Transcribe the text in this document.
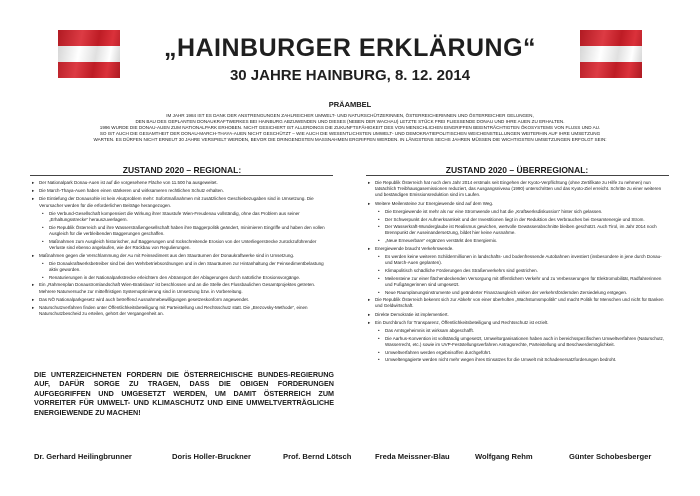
„HAINBURGER ERKLÄRUNG“
30 JAHRE HAINBURG, 8. 12. 2014
PRÄAMBEL

IM JAHR 1984 IST ES DANK DER ANSTRENGUNGEN ZAHLREICHER UMWELT- UND NATURSCHÜTZERINNEN, ÖSTERREICHERINNEN UND ÖSTERREICHER GELUNGEN,

DEN BAU DES GEPLANTEN DONAUKRAFTWERKES BEI HAINBURG ABZUWENDEN UND DIESES (NEBEN DER WACHAU) LETZTE STÜCK FREI FLIESSENDE DONAU UND IHRE AUEN ZU ERHALTEN.

1996 WURDE DIE DONAU-AUEN ZUM NATIONALPARK ERHOBEN. NICHT GESICHERT IST ALLERDINGS DIE ZUKUNFTSFÄHIGKEIT DES VON MENSCHLICHEN EINGRIFFEN BEEINTRÄCHTIGTEN ÖKOSYSTEMS VON FLUSS UND AU.

SO IST AUCH DIE GESAMTHEIT DER DONAU-MARCH-THAYA-AUEN NICHT GESCHÜTZT – WIE AUCH DIE WESENTLICHSTEN UMWELT- UND DEMOKRATIEPOLITISCHEN WEICHENSTELLUNGEN WEITERHIN AUF IHRE UMSETZUNG

WARTEN. ES DÜRFEN NICHT ERNEUT 30 JAHRE VERSPIELT WERDEN, BEVOR DIE DRINGENDSTEN MASSNAHMEN ERGRIFFEN WERDEN. IN LÄNGSTENS SECHS JAHREN MÜSSEN DIE WICHTIGSTEN UMSETZUNGEN ERFOLGT SEIN:

ZUSTAND 2020 – REGIONAL:
▸ Der Nationalpark Donau-Auen ist auf die vorgesehene Fläche von 11.500 ha ausgeweitet.
▸ Die March-Thaya-Auen haben einen stärkeren und wirksameren rechtlichen Schutz erhalten.
▸ Die Eintiefung der Donausohle ist kein Akutproblem mehr: Sofortmaßnahmen mit zusätzlichen Geschiebezugaben sind in Umsetzung. Die Verursacher werden für die erforderlichen Beiträge herangezogen.
• Die Verbund-Gesellschaft kompensiert die Wirkung ihrer Staustufe Wien-Freudenau vollständig, ohne das Problem aus seiner „Erhaltungsstrecke“ herauszuverlagern.
• Die Republik Österreich und ihre Wasserstraßengesellschaft haben ihre Baggerpolitik geändert, minimieren Eingriffe und haben den vollen Ausgleich für die verbleibenden Baggerungen geschaffen.
• Maßnahmen zum Ausgleich historischer, auf Baggerungen und rückschreitende Erosion von der Unterliegerstrecke zurückzuführender Verluste sind ebenso angelaufen, wie der Rückbau von Regulierungen.
▸ Maßnahmen gegen die Verschlammung der Au mit Feinsediment aus den Stauräumen der Donaukraftwerke sind in Umsetzung.
• Die Donaukraftwerksbetreiber sind bei den Wehrbetriebsordnungen und in den Stauräumen zur Hintanhaltung der Feinsedimentbelastung aktiv geworden.
• Renaturierungen in der Nationalparkstrecke erleichtern den Abtransport der Ablagerungen durch natürliche Erosionsvorgänge.
▸ Ein „Rahmenplan Donaustromlandschaft Wien-Bratislava“ ist beschlossen und an die Stelle des Flussbaulichen Gesamtprojektes getreten. Mehrere Naturversuche zur mittelfristigen Systemoptimierung sind in Umsetzung bzw. in Vorbereitung.
▸ Das NÖ Nationalparkgesetz wird auch betreffend Ausnahmebewilligungen gesetzeskonform angewendet.
▸ Naturschutzverfahren finden unter Öffentlichkeitsbeteiligung mit Parteistellung und Rechtsschutz statt. Die „Brezovsky-Methode“, einen Naturschutzbescheid zu erteilen, gehört der Vergangenheit an.
ZUSTAND 2020 – ÜBERREGIONAL:
▸ Die Republik Österreich hat noch dem Jahr 2014 erstmals seit Eingehen der Kyoto-Verpflichtung (ohne Zertifikate zu Hilfe zu nehmen) nun tatsächlich Treibhausgasemissionen reduziert, das Ausgangsniveau (1990) unterschritten und das Kyoto-Ziel erreicht. Schritte zu einer weiteren und beständigen Emissionsreduktion sind im Laufen.
▸ Weitere Meilensteine zur Energiewende sind auf dem Weg.
• Die Energiewende ist mehr als nur eine Stromwende und hat die „Kraftwerksdiskussion“ hinter sich gelassen.
• Der Schwerpunkt der Aufmerksamkeit und der Investitionen liegt in der Reduktion des Verbrauches bei Gesamtenergie und Strom.
• Der Wasserkraft-Wunderglaube ist Realismus gewichen, wertvolle Gewässerabschnitte bleiben geschützt. Auch Tirol, im Jahr 2014 noch Brennpunkt der Auseinandersetzung, bildet hier keine Ausnahme.
• „Neue Erneuerbare“ ergänzen verstärkt den Energiemix.
▸ Energiewende braucht Verkehrswende.
• Es werden keine weiteren Schildermillionen in landschafts- und bodenfressende Autobahnen investiert (insbesondere in jene durch Donau- und March-Auen geplanten).
• Klimapolitisch schädliche Förderungen des Straßenverkehrs sind gestrichen.
• Meilensteine zur einer flächendeckenden Versorgung mit öffentlichem Verkehr und zu Verbesserungen für Elektromobilität, Radfahrerinnen und Fußgängerinnen sind umgesetzt.
• Neue Raumplanungsinstrumente und geänderter Finanzausgleich wirken der verkehrsfördernden Zersiedelung entgegen.
▸ Die Republik Österreich bekennt sich zur Abkehr von einer überholten „Wachstumsmpolitik“ und macht Politik für Menschen und nicht für Banken und Geldwirtschaft.
▸ Direkte Demokratie ist implementiert.
▸ Ein Durchbruch für Transparenz, Öffentlichkeitsbeteiligung und Rechtsschutz ist erzielt.
• Das Amtsgeheimnis ist wirksam abgeschafft.
• Die Aarhus-Konvention ist vollständig umgesetzt, Umweltorganisationen haben auch in bereichsspezifischen Umweltverfahren (Naturschutz, Wasserrecht, etc.) sowie im UVP-Feststellungsverfahren Antragsrechte, Parteistellung und Beschwerdemöglichkeit.
• Umweltverfahren werden ergebnisoffen durchgeführt.
• Umweltengagierte werden nicht mehr wegen ihres Einsatzes für die Umwelt mit Schadenersatzforderungen bedroht.
DIE UNTERZEICHNETEN FORDERN DIE ÖSTERREICHISCHE BUNDES-REGIERUNG AUF, DAFÜR SORGE ZU TRAGEN, DASS DIE OBIGEN FORDERUNGEN AUFGEGRIFFEN UND UMGESETZT WERDEN, UM DAMIT ÖSTERREICH ZUM VORREITER FÜR UMWELT- UND KLIMASCHUTZ UND EINE UMWELTVERTRÄGLICHE ENERGIEWENDE ZU MACHEN!
Dr. Gerhard Heilingbrunner	Doris Holler-Bruckner	Prof. Bernd Lötsch	Freda Meissner-Blau	Wolfgang Rehm	Günter Schobesberger
